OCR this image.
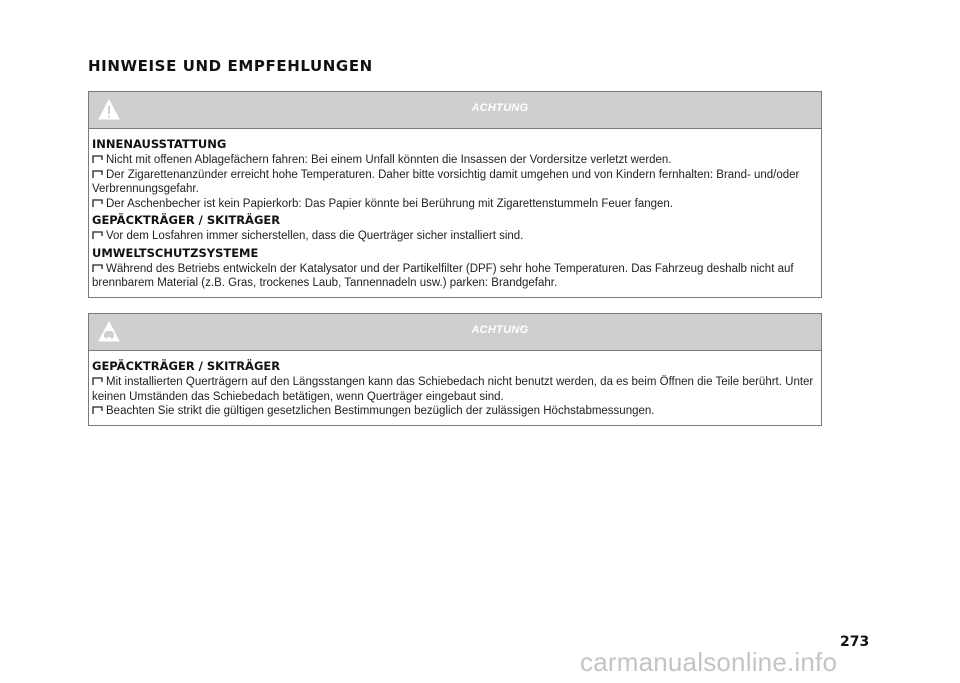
HINWEISE UND EMPFEHLUNGEN
ACHTUNG
INNENAUSSTATTUNG
Nicht mit offenen Ablagefächern fahren: Bei einem Unfall könnten die Insassen der Vordersitze verletzt werden.
Der Zigarettenanzünder erreicht hohe Temperaturen. Daher bitte vorsichtig damit umgehen und von Kindern fernhalten: Brand- und/oder Verbrennungsgefahr.
Der Aschenbecher ist kein Papierkorb: Das Papier könnte bei Berührung mit Zigarettenstummeln Feuer fangen.
GEPÄCKTRÄGER / SKITRÄGER
Vor dem Losfahren immer sicherstellen, dass die Querträger sicher installiert sind.
UMWELTSCHUTZSYSTEME
Während des Betriebs entwickeln der Katalysator und der Partikelfilter (DPF) sehr hohe Temperaturen. Das Fahrzeug deshalb nicht auf brennbarem Material (z.B. Gras, trockenes Laub, Tannennadeln usw.) parken: Brandgefahr.
ACHTUNG
GEPÄCKTRÄGER / SKITRÄGER
Mit installierten Querträgern auf den Längsstangen kann das Schiebedach nicht benutzt werden, da es beim Öffnen die Teile berührt. Unter keinen Umständen das Schiebedach betätigen, wenn Querträger eingebaut sind.
Beachten Sie strikt die gültigen gesetzlichen Bestimmungen bezüglich der zulässigen Höchstabmessungen.
273
carmanualsonline.info
